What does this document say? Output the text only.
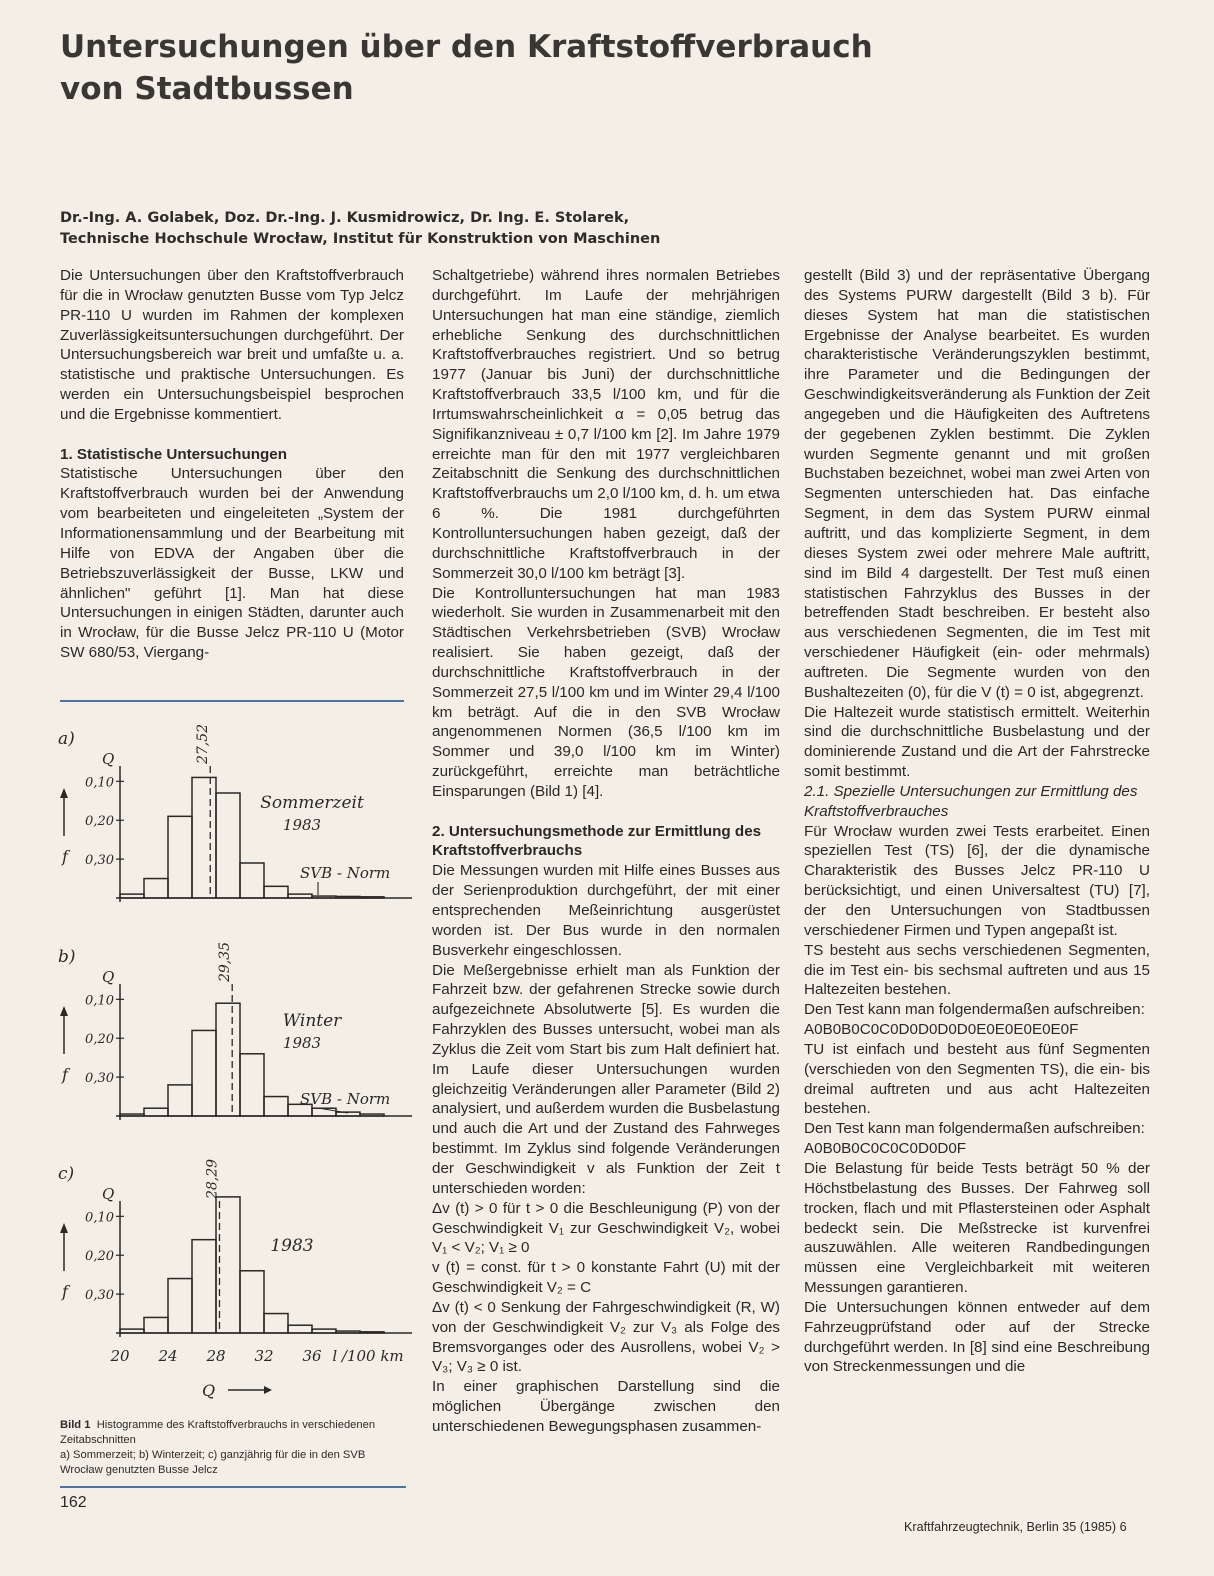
Untersuchungen über den Kraftstoffverbrauch
von Stadtbussen
Dr.-Ing. A. Golabek, Doz. Dr.-Ing. J. Kusmidrowicz, Dr. Ing. E. Stolarek,
Technische Hochschule Wrocław, Institut für Konstruktion von Maschinen

Die Untersuchungen über den Kraftstoffverbrauch für die in Wrocław genutzten Busse vom Typ Jelcz PR-110 U wurden im Rahmen der komplexen Zuverlässigkeitsuntersuchungen durchgeführt. Der Untersuchungsbereich war breit und umfaßte u. a. statistische und praktische Untersuchungen. Es werden ein Untersuchungsbeispiel besprochen und die Ergebnisse kommentiert.

1. Statistische Untersuchungen

Statistische Untersuchungen über den Kraftstoffverbrauch wurden bei der Anwendung vom bearbeiteten und eingeleiteten „System der Informationensammlung und der Bearbeitung mit Hilfe von EDVA der Angaben über die Betriebszuverlässigkeit der Busse, LKW und ähnlichen" geführt [1]. Man hat diese Untersuchungen in einigen Städten, darunter auch in Wrocław, für die Busse Jelcz PR-110 U (Motor SW 680/53, Viergang-

a)
Q
f 0,30
0,20
0,10
27,52
Sommerzeit
1983
SVB - Norm
b)
Q
f 0,30
0,20
0,10
29,35
Winter
1983
SVB - Norm
c)
Q
f 0,30
0,20
0,10
28,29
1983
20 24 28 32 36 l /100 km
Q
Bild 1 Histogramme des Kraftstoffverbrauchs in verschiedenen Zeitabschnitten
a) Sommerzeit; b) Winterzeit; c) ganzjährig für die in den SVB Wrocław genutzten Busse Jelcz

Schaltgetriebe) während ihres normalen Betriebes durchgeführt. Im Laufe der mehrjährigen Untersuchungen hat man eine ständige, ziemlich erhebliche Senkung des durchschnittlichen Kraftstoffverbrauches registriert. Und so betrug 1977 (Januar bis Juni) der durchschnittliche Kraftstoffverbrauch 33,5 l/100 km, und für die Irrtumswahrscheinlichkeit α = 0,05 betrug das Signifikanzniveau ± 0,7 l/100 km [2]. Im Jahre 1979 erreichte man für den mit 1977 vergleichbaren Zeitabschnitt die Senkung des durchschnittlichen Kraftstoffverbrauchs um 2,0 l/100 km, d. h. um etwa 6 %. Die 1981 durchgeführten Kontrolluntersuchungen haben gezeigt, daß der durchschnittliche Kraftstoffverbrauch in der Sommerzeit 30,0 l/100 km beträgt [3].

Die Kontrolluntersuchungen hat man 1983 wiederholt. Sie wurden in Zusammenarbeit mit den Städtischen Verkehrsbetrieben (SVB) Wrocław realisiert. Sie haben gezeigt, daß der durchschnittliche Kraftstoffverbrauch in der Sommerzeit 27,5 l/100 km und im Winter 29,4 l/100 km beträgt. Auf die in den SVB Wrocław angenommenen Normen (36,5 l/100 km im Sommer und 39,0 l/100 km im Winter) zurückgeführt, erreichte man beträchtliche Einsparungen (Bild 1) [4].

2. Untersuchungsmethode zur Ermittlung des Kraftstoffverbrauchs

Die Messungen wurden mit Hilfe eines Busses aus der Serienproduktion durchgeführt, der mit einer entsprechenden Meßeinrichtung ausgerüstet worden ist. Der Bus wurde in den normalen Busverkehr eingeschlossen.

Die Meßergebnisse erhielt man als Funktion der Fahrzeit bzw. der gefahrenen Strecke sowie durch aufgezeichnete Absolutwerte [5]. Es wurden die Fahrzyklen des Busses untersucht, wobei man als Zyklus die Zeit vom Start bis zum Halt definiert hat. Im Laufe dieser Untersuchungen wurden gleichzeitig Veränderungen aller Parameter (Bild 2) analysiert, und außerdem wurden die Busbelastung und auch die Art und der Zustand des Fahrweges bestimmt. Im Zyklus sind folgende Veränderungen der Geschwindigkeit v als Funktion der Zeit t unterschieden worden:

Δv (t) > 0 für t > 0 die Beschleunigung (P) von der Geschwindigkeit V₁ zur Geschwindigkeit V₂, wobei V₁ < V₂; V₁ ≥ 0

v (t) = const. für t > 0 konstante Fahrt (U) mit der Geschwindigkeit V₂ = C

Δv (t) < 0 Senkung der Fahrgeschwindigkeit (R, W) von der Geschwindigkeit V₂ zur V₃ als Folge des Bremsvorganges oder des Ausrollens, wobei V₂ > V₃; V₃ ≥ 0 ist.

In einer graphischen Darstellung sind die möglichen Übergänge zwischen den unterschiedenen Bewegungsphasen zusammen-

gestellt (Bild 3) und der repräsentative Übergang des Systems PURW dargestellt (Bild 3 b). Für dieses System hat man die statistischen Ergebnisse der Analyse bearbeitet. Es wurden charakteristische Veränderungszyklen bestimmt, ihre Parameter und die Bedingungen der Geschwindigkeitsveränderung als Funktion der Zeit angegeben und die Häufigkeiten des Auftretens der gegebenen Zyklen bestimmt. Die Zyklen wurden Segmente genannt und mit großen Buchstaben bezeichnet, wobei man zwei Arten von Segmenten unterschieden hat. Das einfache Segment, in dem das System PURW einmal auftritt, und das komplizierte Segment, in dem dieses System zwei oder mehrere Male auftritt, sind im Bild 4 dargestellt. Der Test muß einen statistischen Fahrzyklus des Busses in der betreffenden Stadt beschreiben. Er besteht also aus verschiedenen Segmenten, die im Test mit verschiedener Häufigkeit (ein- oder mehrmals) auftreten. Die Segmente wurden von den Bushaltezeiten (0), für die V (t) = 0 ist, abgegrenzt.

Die Haltezeit wurde statistisch ermittelt. Weiterhin sind die durchschnittliche Busbelastung und der dominierende Zustand und die Art der Fahrstrecke somit bestimmt.

2.1. Spezielle Untersuchungen zur Ermittlung des Kraftstoffverbrauches

Für Wrocław wurden zwei Tests erarbeitet. Einen speziellen Test (TS) [6], der die dynamische Charakteristik des Busses Jelcz PR-110 U berücksichtigt, und einen Universaltest (TU) [7], der den Untersuchungen von Stadtbussen verschiedener Firmen und Typen angepaßt ist.

TS besteht aus sechs verschiedenen Segmenten, die im Test ein- bis sechsmal auftreten und aus 15 Haltezeiten bestehen.

Den Test kann man folgendermaßen aufschreiben:

A0B0B0C0C0D0D0D0D0E0E0E0E0E0F

TU ist einfach und besteht aus fünf Segmenten (verschieden von den Segmenten TS), die ein- bis dreimal auftreten und aus acht Haltezeiten bestehen.

Den Test kann man folgendermaßen aufschreiben:

A0B0B0C0C0C0D0D0F

Die Belastung für beide Tests beträgt 50 % der Höchstbelastung des Busses. Der Fahrweg soll trocken, flach und mit Pflastersteinen oder Asphalt bedeckt sein. Die Meßstrecke ist kurvenfrei auszuwählen. Alle weiteren Randbedingungen müssen eine Vergleichbarkeit mit weiteren Messungen garantieren.

Die Untersuchungen können entweder auf dem Fahrzeugprüfstand oder auf der Strecke durchgeführt werden. In [8] sind eine Beschreibung von Streckenmessungen und die

162
Kraftfahrzeugtechnik, Berlin 35 (1985) 6
